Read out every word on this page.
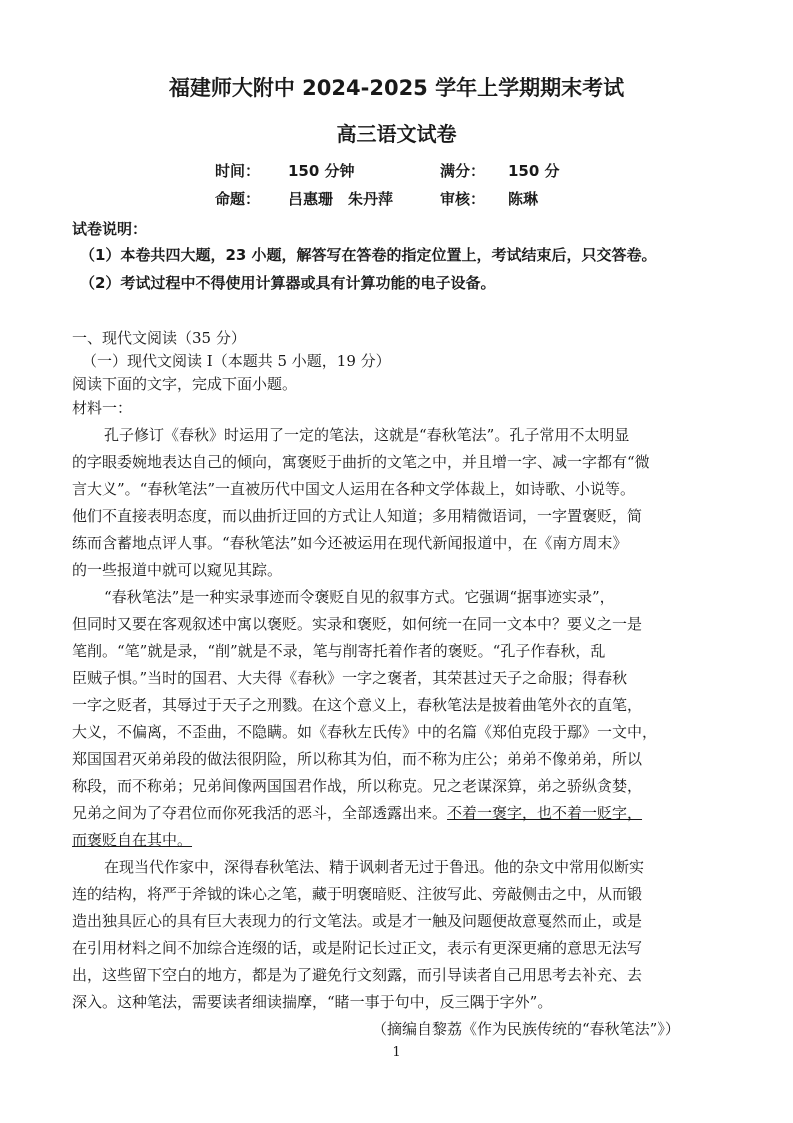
福建师大附中 2024-2025 学年上学期期末考试
高三语文试卷
时间： 150 分钟	满分： 150 分
命题： 吕惠珊　朱丹萍	审核： 陈琳
试卷说明：
（1）本卷共四大题，23 小题，解答写在答卷的指定位置上，考试结束后，只交答卷。
（2）考试过程中不得使用计算器或具有计算功能的电子设备。
一、现代文阅读（35 分）
（一）现代文阅读 Ⅰ（本题共 5 小题，19 分）
阅读下面的文字，完成下面小题。
材料一：
孔子修订《春秋》时运用了一定的笔法，这就是“春秋笔法”。孔子常用不太明显
的字眼委婉地表达自己的倾向，寓褒贬于曲折的文笔之中，并且增一字、减一字都有“微
言大义”。“春秋笔法”一直被历代中国文人运用在各种文学体裁上，如诗歌、小说等。
他们不直接表明态度，而以曲折迂回的方式让人知道；多用精微语词，一字置褒贬，简
练而含蓄地点评人事。“春秋笔法”如今还被运用在现代新闻报道中，在《南方周末》
的一些报道中就可以窥见其踪。
“春秋笔法”是一种实录事迹而令褒贬自见的叙事方式。它强调“据事迹实录”，
但同时又要在客观叙述中寓以褒贬。实录和褒贬，如何统一在同一文本中？要义之一是
笔削。“笔”就是录，“削”就是不录，笔与削寄托着作者的褒贬。“孔子作春秋，乱
臣贼子惧。”当时的国君、大夫得《春秋》一字之褒者，其荣甚过天子之命服；得春秋
一字之贬者，其辱过于天子之刑戮。在这个意义上，春秋笔法是披着曲笔外衣的直笔，
大义，不偏离，不歪曲，不隐瞒。如《春秋左氏传》中的名篇《郑伯克段于鄢》一文中，
郑国国君灭弟弟段的做法很阴险，所以称其为伯，而不称为庄公；弟弟不像弟弟，所以
称段，而不称弟；兄弟间像两国国君作战，所以称克。兄之老谋深算，弟之骄纵贪婪，
兄弟之间为了夺君位而你死我活的恶斗，全部透露出来。不着一褒字，也不着一贬字，
而褒贬自在其中。
在现当代作家中，深得春秋笔法、精于讽刺者无过于鲁迅。他的杂文中常用似断实
连的结构，将严于斧钺的诛心之笔，藏于明褒暗贬、注彼写此、旁敲侧击之中，从而锻
造出独具匠心的具有巨大表现力的行文笔法。或是才一触及问题便故意戛然而止，或是
在引用材料之间不加综合连缀的话，或是附记长过正文，表示有更深更痛的意思无法写
出，这些留下空白的地方，都是为了避免行文刻露，而引导读者自己用思考去补充、去
深入。这种笔法，需要读者细读揣摩，“睹一事于句中，反三隅于字外”。
（摘编自黎荔《作为民族传统的“春秋笔法”》）
1
